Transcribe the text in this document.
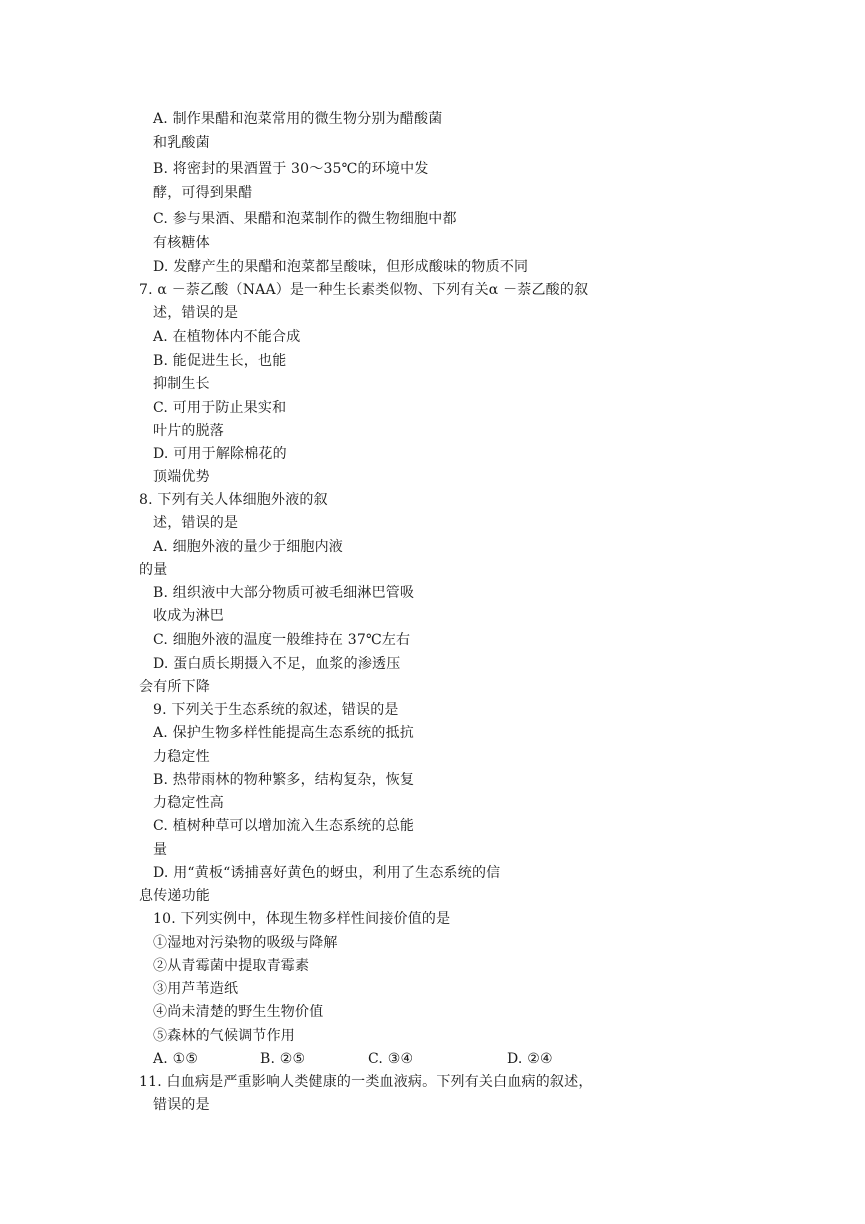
A. 制作果醋和泡菜常用的微生物分别为醋酸菌
和乳酸菌
B. 将密封的果酒置于 30～35℃的环境中发
酵，可得到果醋
C. 参与果酒、果醋和泡菜制作的微生物细胞中都
有核糖体
D. 发酵产生的果醋和泡菜都呈酸味，但形成酸味的物质不同
7. α －萘乙酸（NAA）是一种生长素类似物、下列有关α －萘乙酸的叙
述，错误的是
A. 在植物体内不能合成
B. 能促进生长，也能
抑制生长
C. 可用于防止果实和
叶片的脱落
D. 可用于解除棉花的
顶端优势
8. 下列有关人体细胞外液的叙
述，错误的是
A. 细胞外液的量少于细胞内液
的量
B. 组织液中大部分物质可被毛细淋巴管吸
收成为淋巴
C. 细胞外液的温度一般维持在 37℃左右
D. 蛋白质长期摄入不足，血浆的渗透压
会有所下降
9. 下列关于生态系统的叙述，错误的是
A. 保护生物多样性能提高生态系统的抵抗
力稳定性
B. 热带雨林的物种繁多，结构复杂，恢复
力稳定性高
C. 植树种草可以增加流入生态系统的总能
量
D. 用“黄板“诱捕喜好黄色的蚜虫，利用了生态系统的信
息传递功能
10. 下列实例中，体现生物多样性间接价值的是
①湿地对污染物的吸级与降解
②从青霉菌中提取青霉素
③用芦苇造纸
④尚未清楚的野生生物价值
⑤森林的气候调节作用
A. ①⑤	B. ②⑤	C. ③④	D. ②④
11. 白血病是严重影响人类健康的一类血液病。下列有关白血病的叙述，
错误的是
